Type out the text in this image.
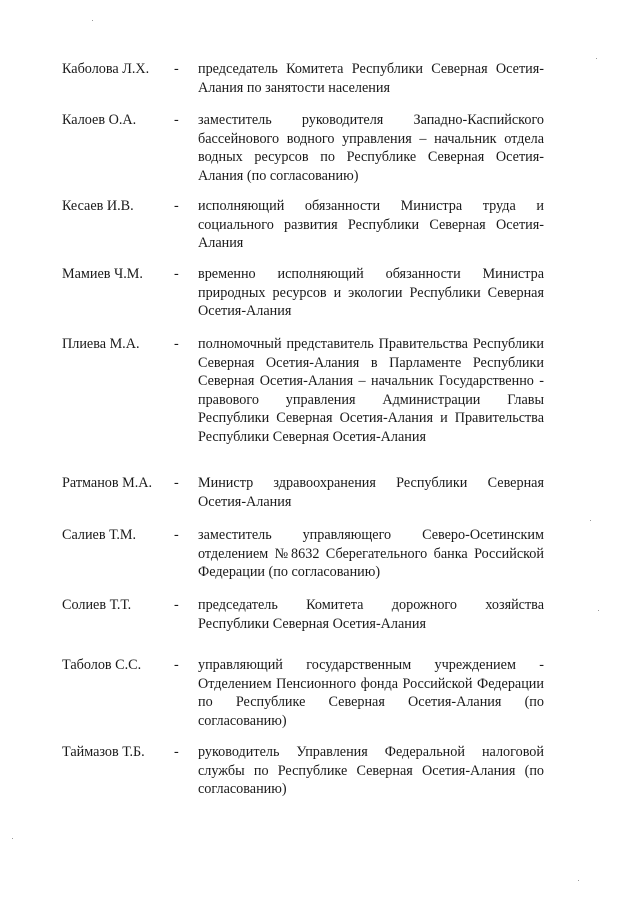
Каболова Л.Х. - председатель Комитета Республики Северная Осетия-Алания по занятости населения
Калоев О.А.	- заместитель руководителя Западно-Каспийского бассейнового водного управления – начальник отдела водных ресурсов по Республике Северная Осетия-Алания (по согласованию)
Кесаев И.В.	- исполняющий обязанности Министра труда и социального развития Республики Северная Осетия-Алания
Мамиев Ч.М. - временно исполняющий обязанности Министра природных ресурсов и экологии Республики Северная Осетия-Алания
Плиева М.А. - полномочный представитель Правительства Республики Северная Осетия-Алания в Парламенте Республики Северная Осетия-Алания – начальник Государственно - правового управления Администрации Главы Республики Северная Осетия-Алания и Правительства Республики Северная Осетия-Алания
Ратманов М.А. - Министр здравоохранения Республики Северная Осетия-Алания
Салиев Т.М.	- заместитель управляющего Северо-Осетинским отделением №8632 Сберегательного банка Российской Федерации (по согласованию)
Солиев Т.Т.	- председатель Комитета дорожного хозяйства Республики Северная Осетия-Алания
Таболов С.С. - управляющий государственным учреждением - Отделением Пенсионного фонда Российской Федерации по Республике Северная Осетия-Алания (по согласованию)
Таймазов Т.Б. - руководитель Управления Федеральной налоговой службы по Республике Северная Осетия-Алания (по согласованию)
